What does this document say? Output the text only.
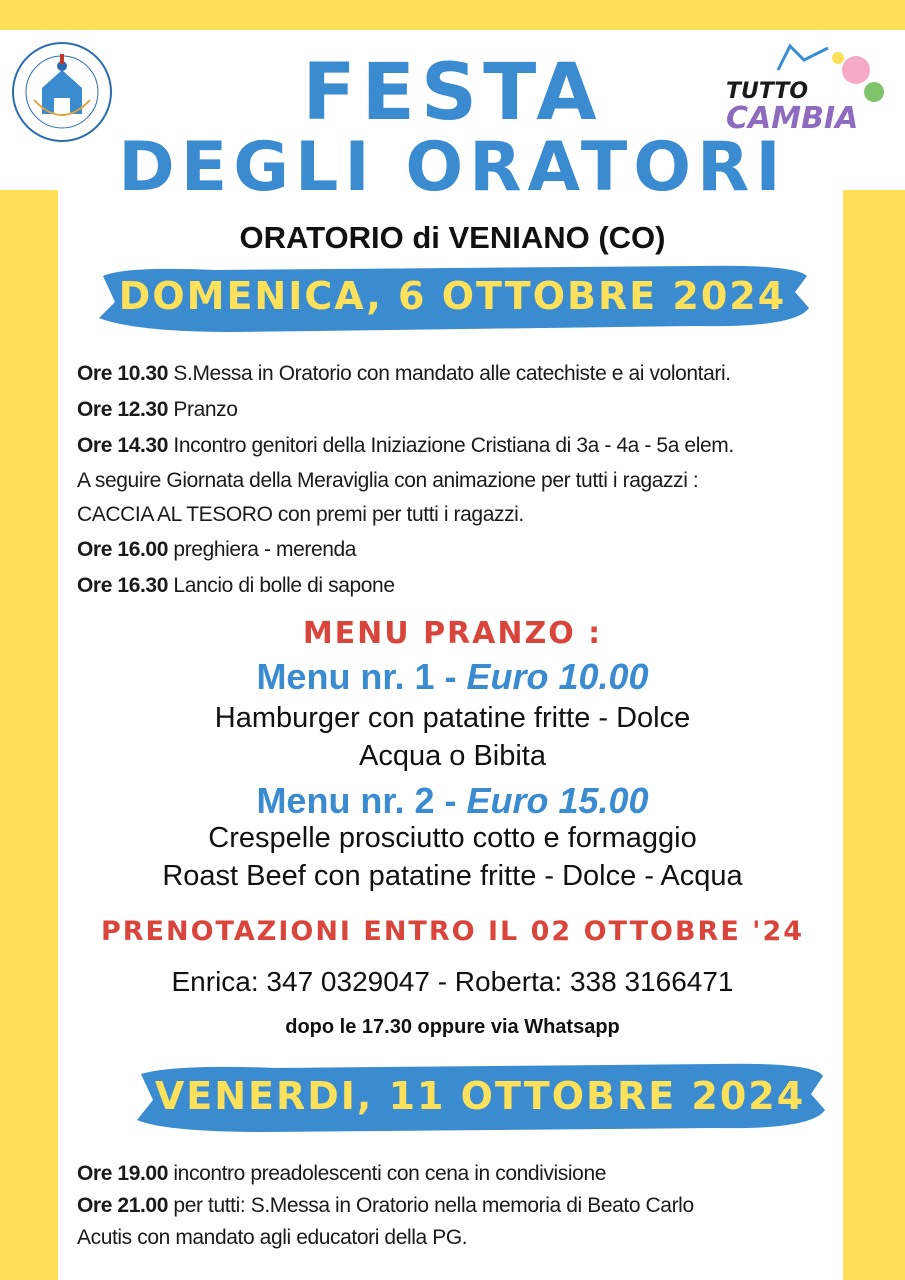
TUTTO
CAMBIA
FESTA
DEGLI ORATORI
ORATORIO di VENIANO (CO)
DOMENICA, 6 OTTOBRE 2024
Ore 10.30 S.Messa in Oratorio con mandato alle catechiste e ai volontari.
Ore 12.30 Pranzo
Ore 14.30 Incontro genitori della Iniziazione Cristiana di 3a - 4a - 5a elem.
A seguire Giornata della Meraviglia con animazione per tutti i ragazzi :
CACCIA AL TESORO con premi per tutti i ragazzi.
Ore 16.00 preghiera - merenda
Ore 16.30 Lancio di bolle di sapone
MENU PRANZO :
Menu nr. 1 - Euro 10.00
Hamburger con patatine fritte - Dolce
Acqua o Bibita
Menu nr. 2 - Euro 15.00
Crespelle prosciutto cotto e formaggio
Roast Beef con patatine fritte - Dolce - Acqua
PRENOTAZIONI ENTRO IL 02 OTTOBRE '24
Enrica: 347 0329047 - Roberta: 338 3166471
dopo le 17.30 oppure via Whatsapp
VENERDI, 11 OTTOBRE 2024
Ore 19.00 incontro preadolescenti con cena in condivisione
Ore 21.00 per tutti: S.Messa in Oratorio nella memoria di Beato Carlo
Acutis con mandato agli educatori della PG.
